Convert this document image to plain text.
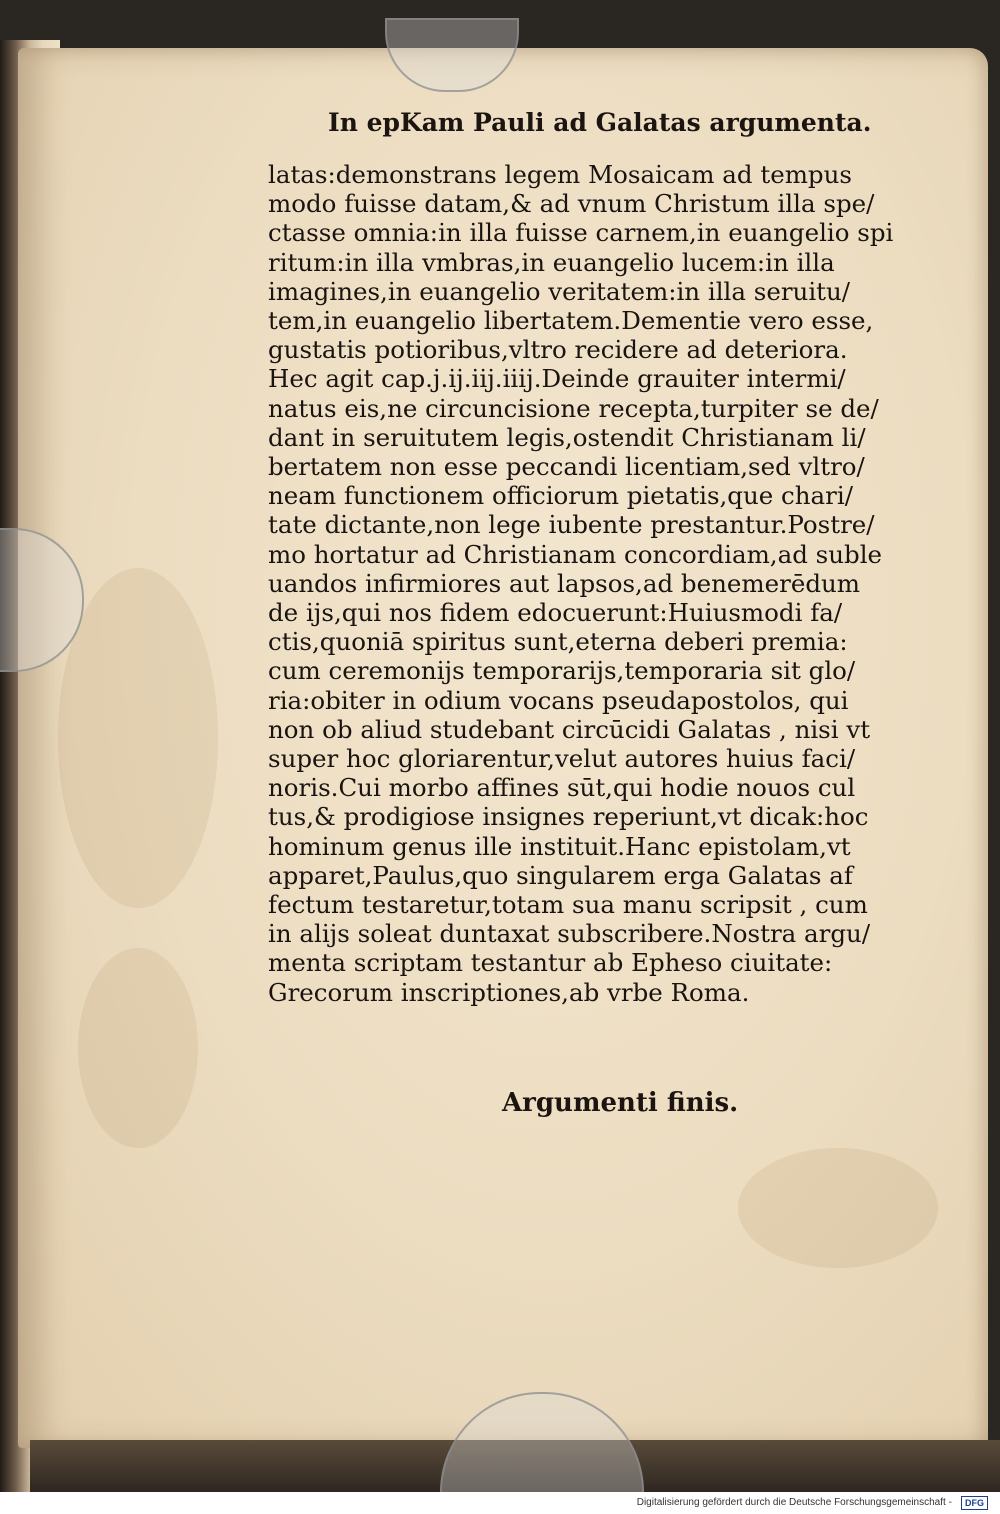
In epKam Pauli ad Galatas argumenta.
latas:demonstrans legem Mosaicam ad tempus
modo fuisse datam,& ad vnum Christum illa spe/
ctasse omnia:in illa fuisse carnem,in euangelio spi
ritum:in illa vmbras,in euangelio lucem:in illa
imagines,in euangelio veritatem:in illa seruitu/
tem,in euangelio libertatem.Dementie vero esse,
gustatis potioribus,vltro recidere ad deteriora.
Hec agit cap.j.ij.iij.iiij.Deinde grauiter intermi/
natus eis,ne circuncisione recepta,turpiter se de/
dant in seruitutem legis,ostendit Christianam li/
bertatem non esse peccandi licentiam,sed vltro/
neam functionem officiorum pietatis,que chari/
tate dictante,non lege iubente prestantur.Postre/
mo hortatur ad Christianam concordiam,ad suble
uandos infirmiores aut lapsos,ad benemerēdum
de ijs,qui nos fidem edocuerunt:Huiusmodi fa/
ctis,quoniā spiritus sunt,eterna deberi premia:
cum ceremonijs temporarijs,temporaria sit glo/
ria:obiter in odium vocans pseudapostolos, qui
non ob aliud studebant circūcidi Galatas , nisi vt
super hoc gloriarentur,velut autores huius faci/
noris.Cui morbo affines sūt,qui hodie nouos cul
tus,& prodigiose insignes reperiunt,vt dicak:hoc
hominum genus ille instituit.Hanc epistolam,vt
apparet,Paulus,quo singularem erga Galatas af
fectum testaretur,totam sua manu scripsit , cum
in alijs soleat duntaxat subscribere.Nostra argu/
menta scriptam testantur ab Epheso ciuitate:
Grecorum inscriptiones,ab vrbe Roma.
Argumenti finis.
Digitalisierung gefördert durch die Deutsche Forschungsgemeinschaft - DFG
